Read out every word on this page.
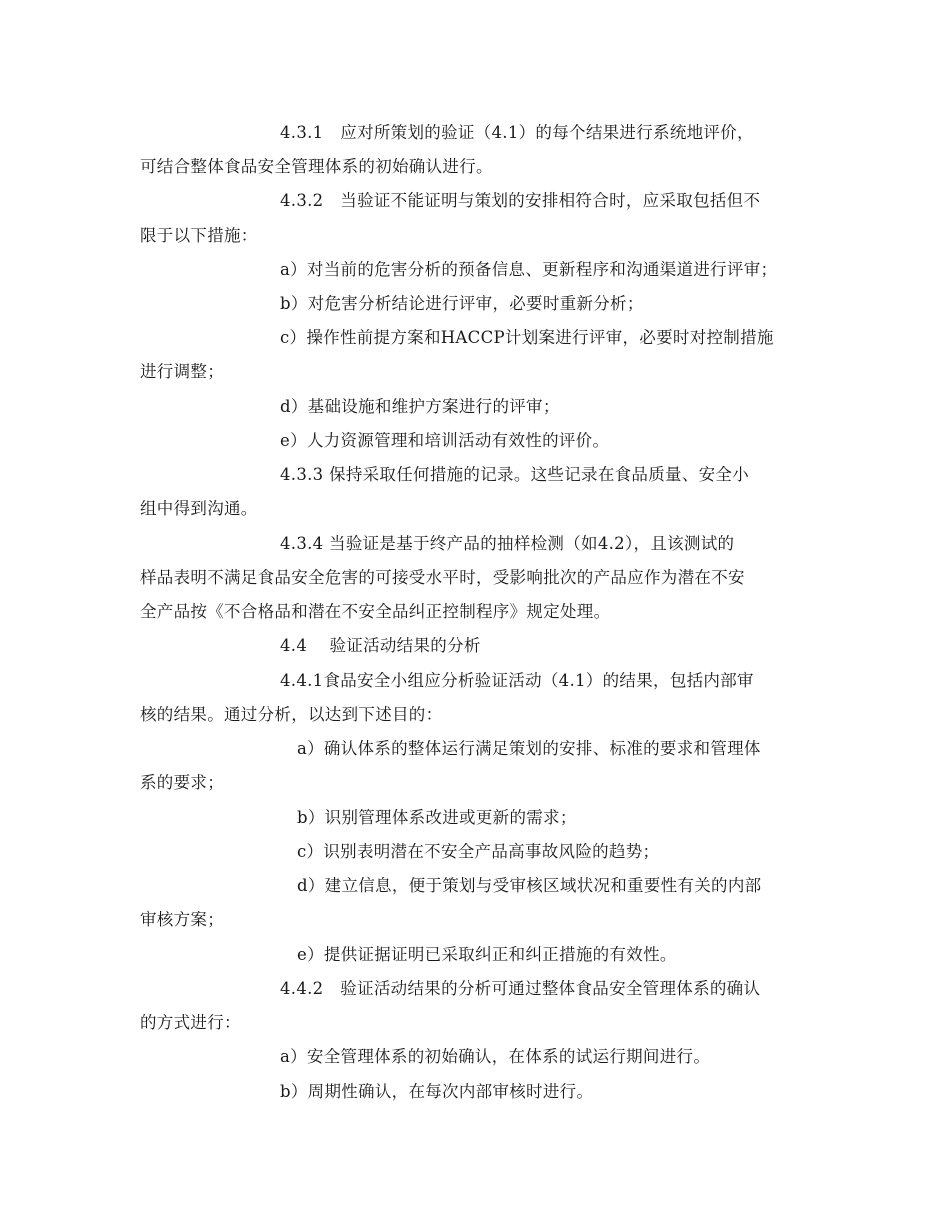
4.3.1　应对所策划的验证（4.1）的每个结果进行系统地评价，
可结合整体食品安全管理体系的初始确认进行。
4.3.2　当验证不能证明与策划的安排相符合时，应采取包括但不
限于以下措施：
a）对当前的危害分析的预备信息、更新程序和沟通渠道进行评审；
b）对危害分析结论进行评审，必要时重新分析；
c）操作性前提方案和HACCP计划案进行评审，必要时对控制措施
进行调整；
d）基础设施和维护方案进行的评审；
e）人力资源管理和培训活动有效性的评价。
4.3.3 保持采取任何措施的记录。这些记录在食品质量、安全小
组中得到沟通。
4.3.4 当验证是基于终产品的抽样检测（如4.2），且该测试的
样品表明不满足食品安全危害的可接受水平时，受影响批次的产品应作为潜在不安
全产品按《不合格品和潜在不安全品纠正控制程序》规定处理。
4.4　 验证活动结果的分析
4.4.1食品安全小组应分析验证活动（4.1）的结果，包括内部审
核的结果。通过分析，以达到下述目的：
a）确认体系的整体运行满足策划的安排、标准的要求和管理体
系的要求；
b）识别管理体系改进或更新的需求；
c）识别表明潜在不安全产品高事故风险的趋势；
d）建立信息，便于策划与受审核区域状况和重要性有关的内部
审核方案；
e）提供证据证明已采取纠正和纠正措施的有效性。
4.4.2　验证活动结果的分析可通过整体食品安全管理体系的确认
的方式进行：
a）安全管理体系的初始确认，在体系的试运行期间进行。
b）周期性确认，在每次内部审核时进行。
